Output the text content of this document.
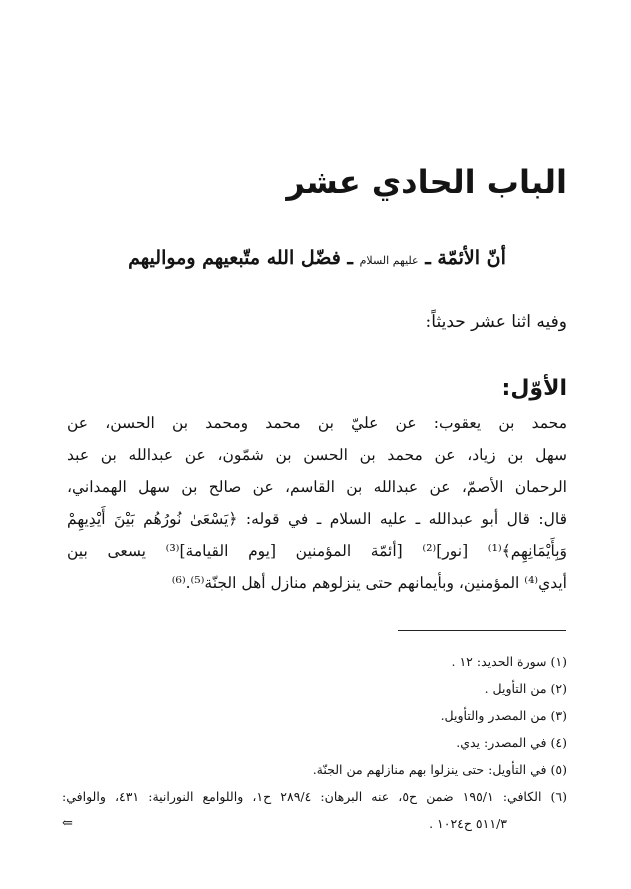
الباب الحادي عشر
أنّ الأئمّة ـ عليهم السلام ـ فضّل الله متّبعيهم ومواليهم
وفيه اثنا عشر حديثاً:
الأوّل:
محمد بن يعقوب: عن عليّ بن محمد ومحمد بن الحسن، عن
سهل بن زياد، عن محمد بن الحسن بن شمّون، عن عبدالله بن عبد
الرحمان الأصمّ، عن عبدالله بن القاسم، عن صالح بن سهل الهمداني،
قال: قال أبو عبدالله ـ عليه السلام ـ في قوله: ﴿يَسْعَىٰ نُورُهُم بَيْنَ أَيْدِيهِمْ
وَبِأَيْمَانِهِم﴾⁽¹⁾ [نور]⁽²⁾ [أئمّة المؤمنين [يوم القيامة]⁽³⁾ يسعى بين
أيدي⁽⁴⁾ المؤمنين، وبأيمانهم حتى ينزلوهم منازل أهل الجنّة⁽⁵⁾.⁽⁶⁾
(١) سورة الحديد: ١٢ .
(٢) من التأويل .
(٣) من المصدر والتأويل.
(٤) في المصدر: يدي.
(٥) في التأويل: حتى ينزلوا بهم منازلهم من الجنّة.
(٦) الكافي: ١٩٥/١ ضمن ح٥، عنه البرهان: ٢٨٩/٤ ح١، واللوامع النورانية: ٤٣١، والوافي:
٥١١/٣ ح١٠٢٤ .
⇐
